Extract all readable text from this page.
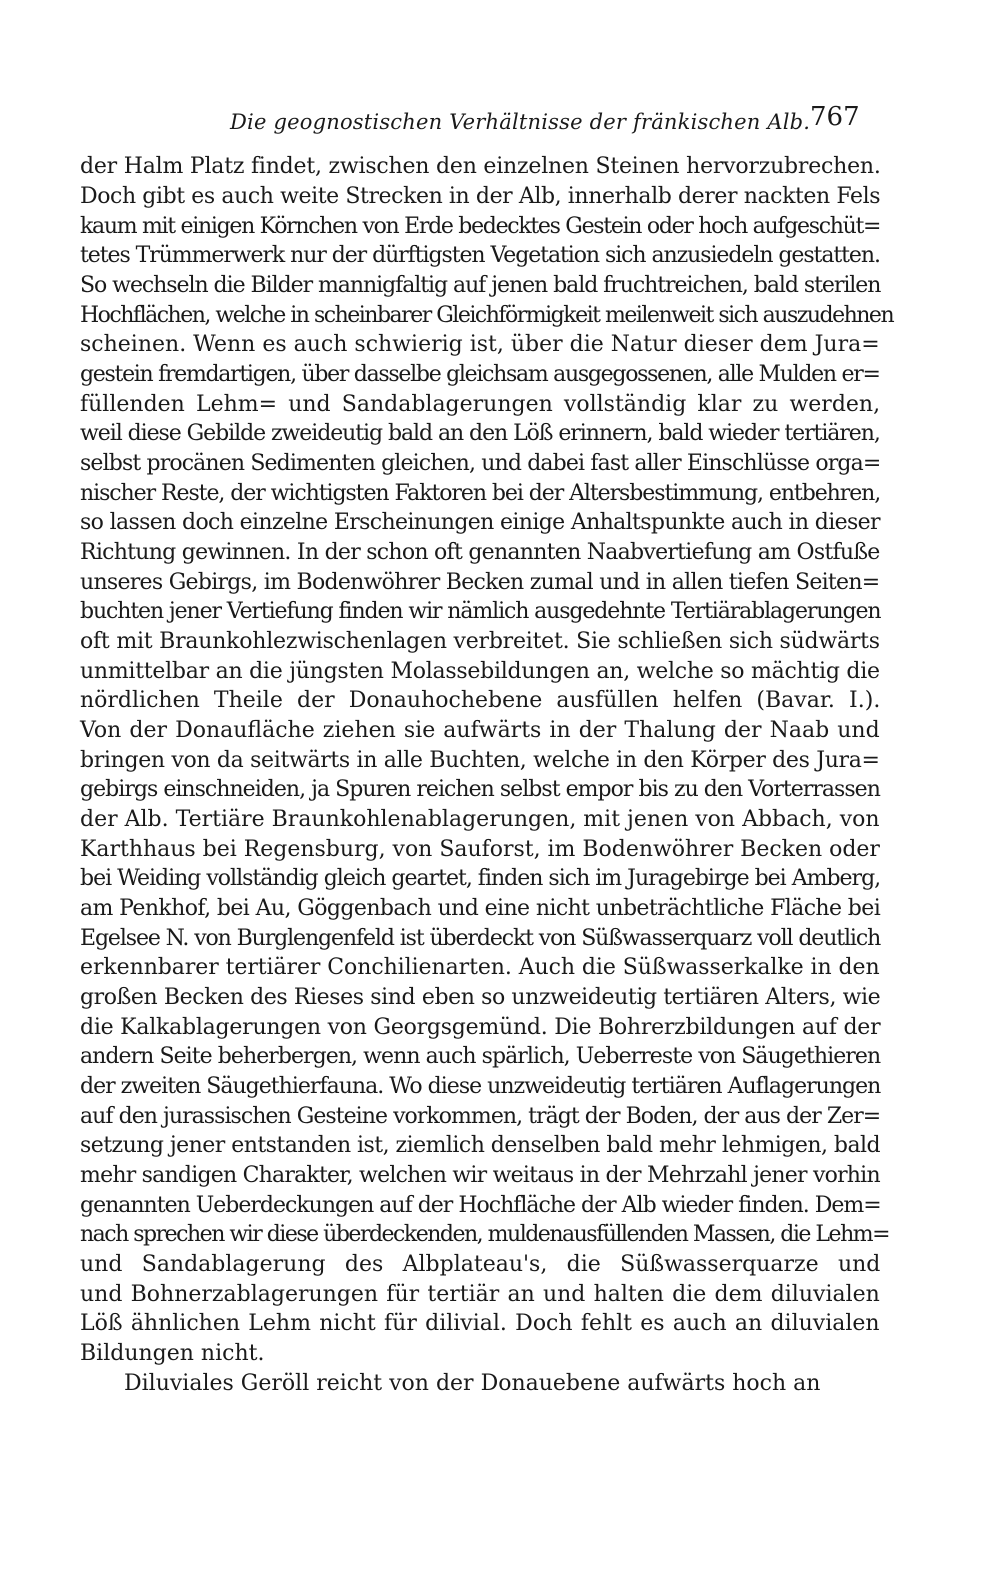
Die geognostischen Verhältnisse der fränkischen Alb. 767
der Halm Platz findet, zwischen den einzelnen Steinen hervorzubrechen.
Doch gibt es auch weite Strecken in der Alb, innerhalb derer nackten Fels
kaum mit einigen Körnchen von Erde bedecktes Gestein oder hoch aufgeschüt=
tetes Trümmerwerk nur der dürftigsten Vegetation sich anzusiedeln gestatten.
So wechseln die Bilder mannigfaltig auf jenen bald fruchtreichen, bald sterilen
Hochflächen, welche in scheinbarer Gleichförmigkeit meilenweit sich auszudehnen
scheinen. Wenn es auch schwierig ist, über die Natur dieser dem Jura=
gestein fremdartigen, über dasselbe gleichsam ausgegossenen, alle Mulden er=
füllenden Lehm= und Sandablagerungen vollständig klar zu werden,
weil diese Gebilde zweideutig bald an den Löß erinnern, bald wieder tertiären,
selbst procänen Sedimenten gleichen, und dabei fast aller Einschlüsse orga=
nischer Reste, der wichtigsten Faktoren bei der Altersbestimmung, entbehren,
so lassen doch einzelne Erscheinungen einige Anhaltspunkte auch in dieser
Richtung gewinnen. In der schon oft genannten Naabvertiefung am Ostfuße
unseres Gebirgs, im Bodenwöhrer Becken zumal und in allen tiefen Seiten=
buchten jener Vertiefung finden wir nämlich ausgedehnte Tertiärablagerungen
oft mit Braunkohlezwischenlagen verbreitet. Sie schließen sich südwärts
unmittelbar an die jüngsten Molassebildungen an, welche so mächtig die
nördlichen Theile der Donauhochebene ausfüllen helfen (Bavar. I.).
Von der Donaufläche ziehen sie aufwärts in der Thalung der Naab und
bringen von da seitwärts in alle Buchten, welche in den Körper des Jura=
gebirgs einschneiden, ja Spuren reichen selbst empor bis zu den Vorterrassen
der Alb. Tertiäre Braunkohlenablagerungen, mit jenen von Abbach, von
Karthhaus bei Regensburg, von Sauforst, im Bodenwöhrer Becken oder
bei Weiding vollständig gleich geartet, finden sich im Juragebirge bei Amberg,
am Penkhof, bei Au, Göggenbach und eine nicht unbeträchtliche Fläche bei
Egelsee N. von Burglengenfeld ist überdeckt von Süßwasserquarz voll deutlich
erkennbarer tertiärer Conchilienarten. Auch die Süßwasserkalke in den
großen Becken des Rieses sind eben so unzweideutig tertiären Alters, wie
die Kalkablagerungen von Georgsgemünd. Die Bohrerzbildungen auf der
andern Seite beherbergen, wenn auch spärlich, Ueberreste von Säugethieren
der zweiten Säugethierfauna. Wo diese unzweideutig tertiären Auflagerungen
auf den jurassischen Gesteine vorkommen, trägt der Boden, der aus der Zer=
setzung jener entstanden ist, ziemlich denselben bald mehr lehmigen, bald
mehr sandigen Charakter, welchen wir weitaus in der Mehrzahl jener vorhin
genannten Ueberdeckungen auf der Hochfläche der Alb wieder finden. Dem=
nach sprechen wir diese überdeckenden, muldenausfüllenden Massen, die Lehm=
und Sandablagerung des Albplateau's, die Süßwasserquarze und
und Bohnerzablagerungen für tertiär an und halten die dem diluvialen
Löß ähnlichen Lehm nicht für dilivial. Doch fehlt es auch an diluvialen
Bildungen nicht.
Diluviales Geröll reicht von der Donauebene aufwärts hoch an
